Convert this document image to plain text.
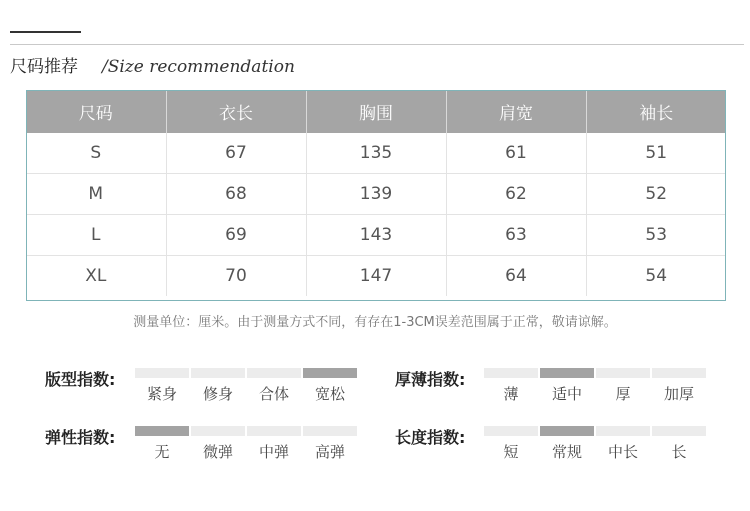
尺码推荐 /Size recommendation
尺码	衣长	胸围	肩宽	袖长
S	67	135	61	51
M	68	139	62	52
L	69	143	63	53
XL	70	147	64	54
测量单位：厘米。由于测量方式不同，有存在1-3CM误差范围属于正常，敬请谅解。
版型指数:
紧身 修身 合体 宽松
厚薄指数:
薄 适中 厚 加厚
弹性指数:
无 微弹 中弹 高弹
长度指数:
短 常规 中长 长
